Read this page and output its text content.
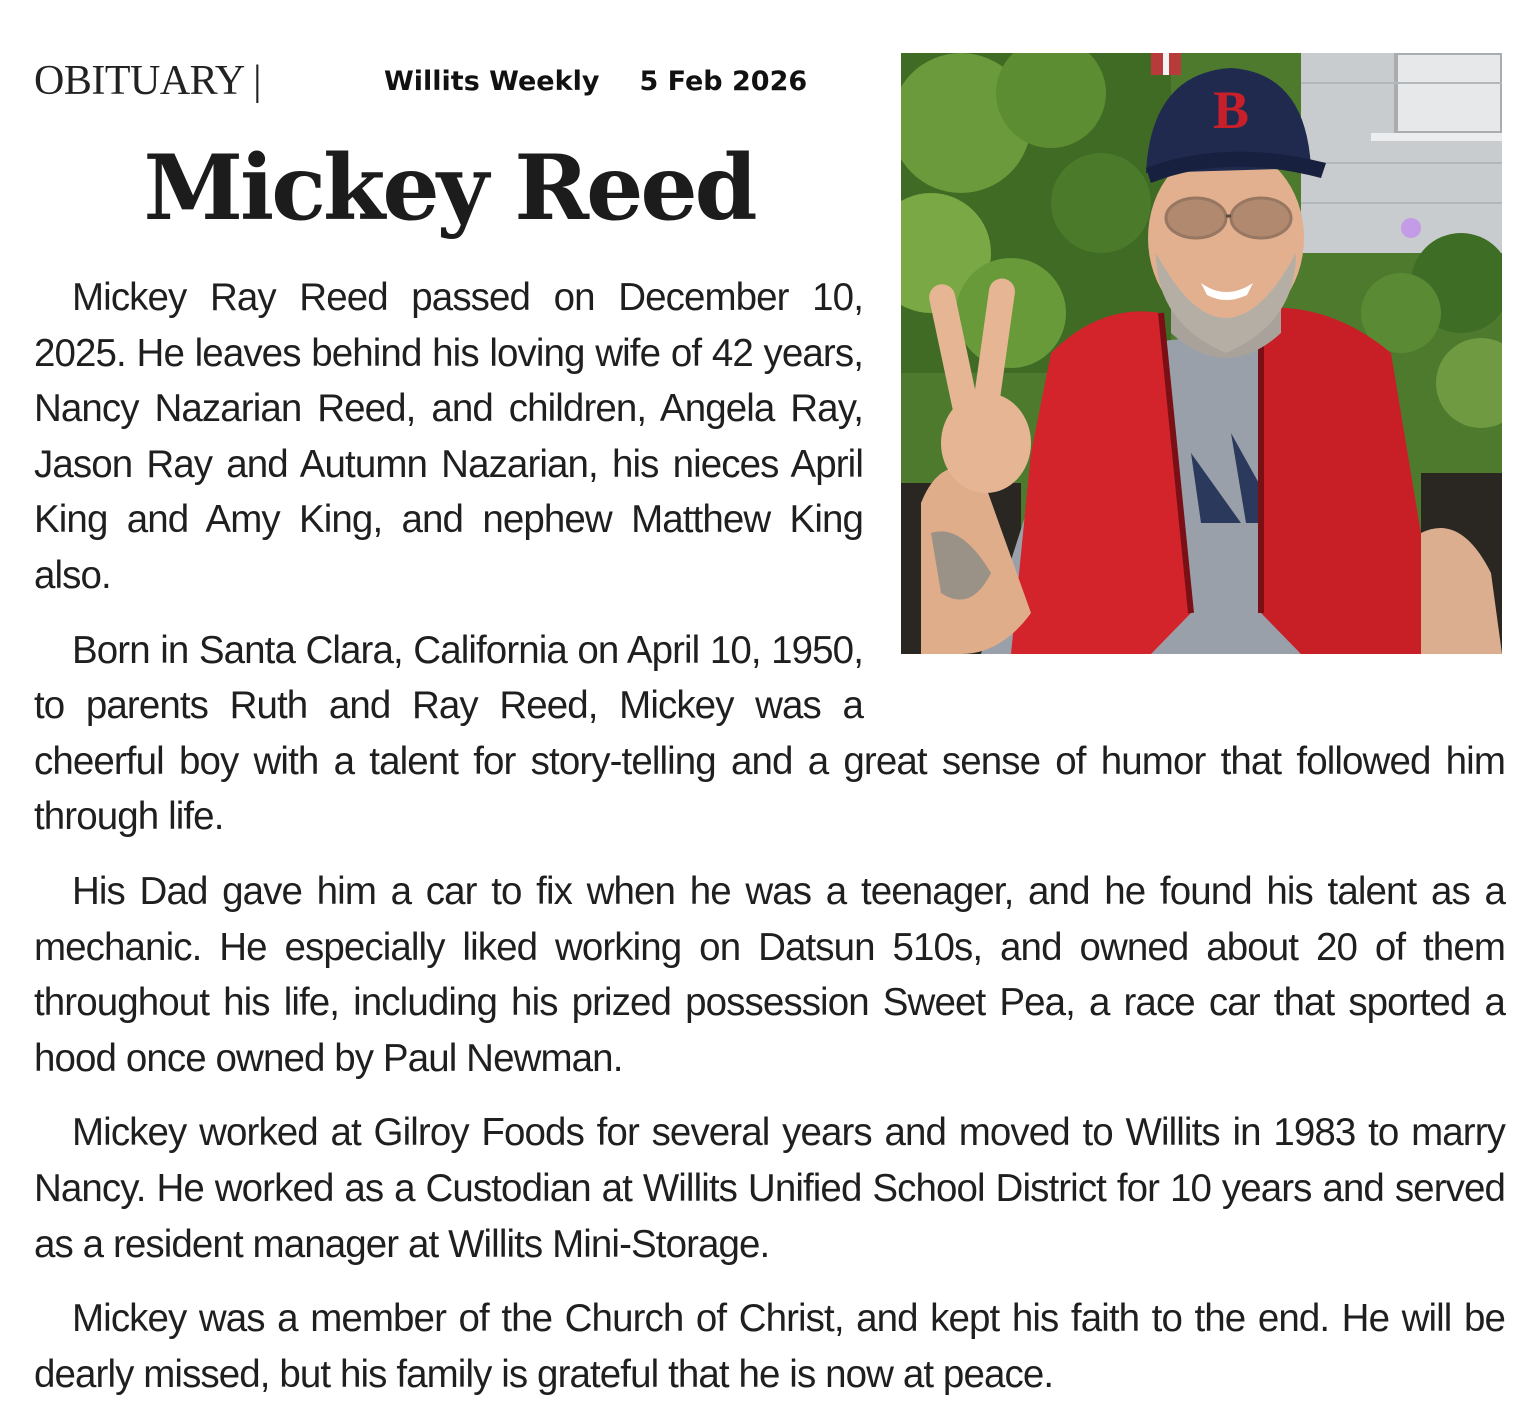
OBITUARY |	Willits Weekly 5 Feb 2026
Mickey Reed
B

Mickey Ray Reed passed on December 10, 2025. He leaves behind his loving wife of 42 years, Nancy Nazarian Reed, and children, Angela Ray, Jason Ray and Autumn Nazarian, his nieces April King and Amy King, and nephew Matthew King also.

Born in Santa Clara, California on April 10, 1950, to parents Ruth and Ray Reed, Mickey was a cheerful boy with a talent for story-telling and a great sense of humor that followed him through life.

His Dad gave him a car to fix when he was a teenager, and he found his talent as a mechanic. He especially liked working on Datsun 510s, and owned about 20 of them throughout his life, including his prized possession Sweet Pea, a race car that sported a hood once owned by Paul Newman.

Mickey worked at Gilroy Foods for several years and moved to Willits in 1983 to marry Nancy. He worked as a Custodian at Willits Unified School District for 10 years and served as a resident manager at Willits Mini-Storage.

Mickey was a member of the Church of Christ, and kept his faith to the end. He will be dearly missed, but his family is grateful that he is now at peace.
